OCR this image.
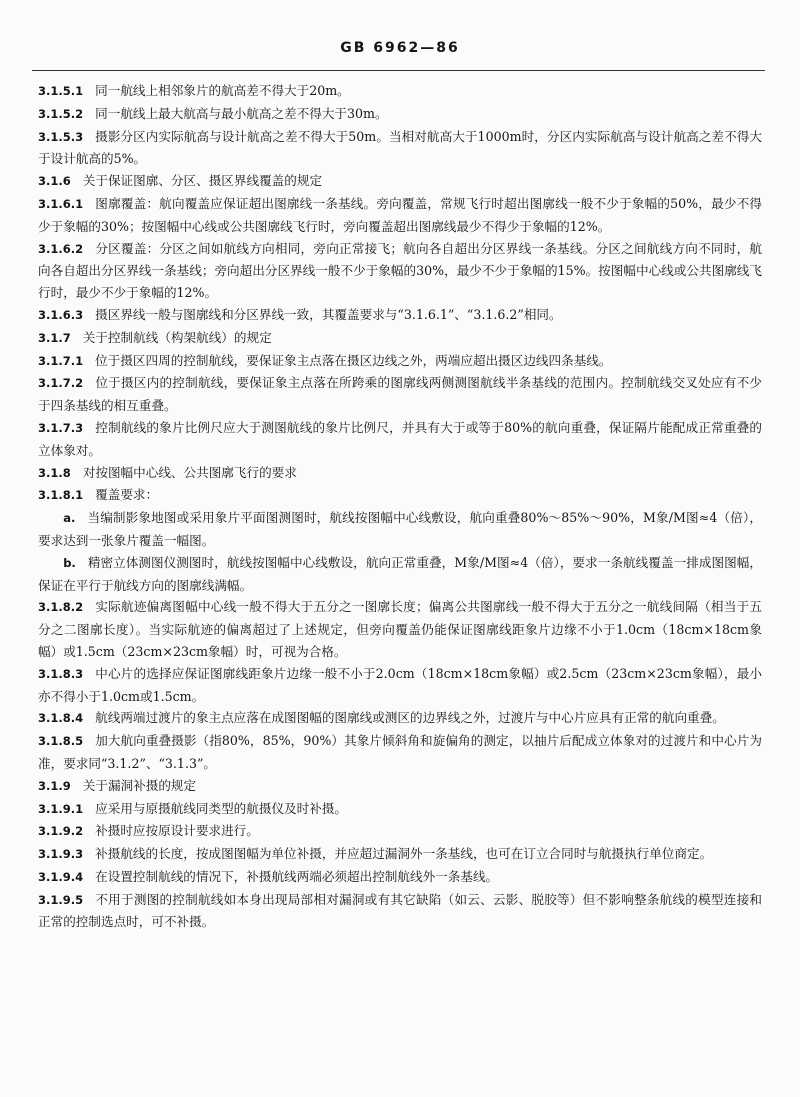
GB 6962—86

3.1.5.1 同一航线上相邻象片的航高差不得大于20m。

3.1.5.2 同一航线上最大航高与最小航高之差不得大于30m。

3.1.5.3 摄影分区内实际航高与设计航高之差不得大于50m。当相对航高大于1000m时，分区内实际航高与设计航高之差不得大于设计航高的5%。

3.1.6 关于保证图廓、分区、摄区界线覆盖的规定

3.1.6.1 图廓覆盖：航向覆盖应保证超出图廓线一条基线。旁向覆盖，常规飞行时超出图廓线一般不少于象幅的50%，最少不得少于象幅的30%；按图幅中心线或公共图廓线飞行时，旁向覆盖超出图廓线最少不得少于象幅的12%。

3.1.6.2 分区覆盖：分区之间如航线方向相同，旁向正常接飞；航向各自超出分区界线一条基线。分区之间航线方向不同时，航向各自超出分区界线一条基线；旁向超出分区界线一般不少于象幅的30%，最少不少于象幅的15%。按图幅中心线或公共图廓线飞行时，最少不少于象幅的12%。

3.1.6.3 摄区界线一般与图廓线和分区界线一致，其覆盖要求与“3.1.6.1”、“3.1.6.2”相同。

3.1.7 关于控制航线（构架航线）的规定

3.1.7.1 位于摄区四周的控制航线，要保证象主点落在摄区边线之外，两端应超出摄区边线四条基线。

3.1.7.2 位于摄区内的控制航线，要保证象主点落在所跨乘的图廓线两侧测图航线半条基线的范围内。控制航线交叉处应有不少于四条基线的相互重叠。

3.1.7.3 控制航线的象片比例尺应大于测图航线的象片比例尺，并具有大于或等于80%的航向重叠，保证隔片能配成正常重叠的立体象对。

3.1.8 对按图幅中心线、公共图廓飞行的要求

3.1.8.1 覆盖要求：

a. 当编制影象地图或采用象片平面图测图时，航线按图幅中心线敷设，航向重叠80%～85%～90%，M象/M图≈4（倍），要求达到一张象片覆盖一幅图。

b. 精密立体测图仪测图时，航线按图幅中心线敷设，航向正常重叠，M象/M图≈4（倍），要求一条航线覆盖一排成图图幅，保证在平行于航线方向的图廓线满幅。

3.1.8.2 实际航迹偏离图幅中心线一般不得大于五分之一图廓长度；偏离公共图廓线一般不得大于五分之一航线间隔（相当于五分之二图廓长度）。当实际航迹的偏离超过了上述规定，但旁向覆盖仍能保证图廓线距象片边缘不小于1.0cm（18cm×18cm象幅）或1.5cm（23cm×23cm象幅）时，可视为合格。

3.1.8.3 中心片的选择应保证图廓线距象片边缘一般不小于2.0cm（18cm×18cm象幅）或2.5cm（23cm×23cm象幅），最小亦不得小于1.0cm或1.5cm。

3.1.8.4 航线两端过渡片的象主点应落在成图图幅的图廓线或测区的边界线之外，过渡片与中心片应具有正常的航向重叠。

3.1.8.5 加大航向重叠摄影（指80%，85%，90%）其象片倾斜角和旋偏角的测定，以抽片后配成立体象对的过渡片和中心片为准，要求同“3.1.2”、“3.1.3”。

3.1.9 关于漏洞补摄的规定

3.1.9.1 应采用与原摄航线同类型的航摄仪及时补摄。

3.1.9.2 补摄时应按原设计要求进行。

3.1.9.3 补摄航线的长度，按成图图幅为单位补摄，并应超过漏洞外一条基线，也可在订立合同时与航摄执行单位商定。

3.1.9.4 在设置控制航线的情况下，补摄航线两端必须超出控制航线外一条基线。

3.1.9.5 不用于测图的控制航线如本身出现局部相对漏洞或有其它缺陷（如云、云影、脱胶等）但不影响整条航线的模型连接和正常的控制选点时，可不补摄。
